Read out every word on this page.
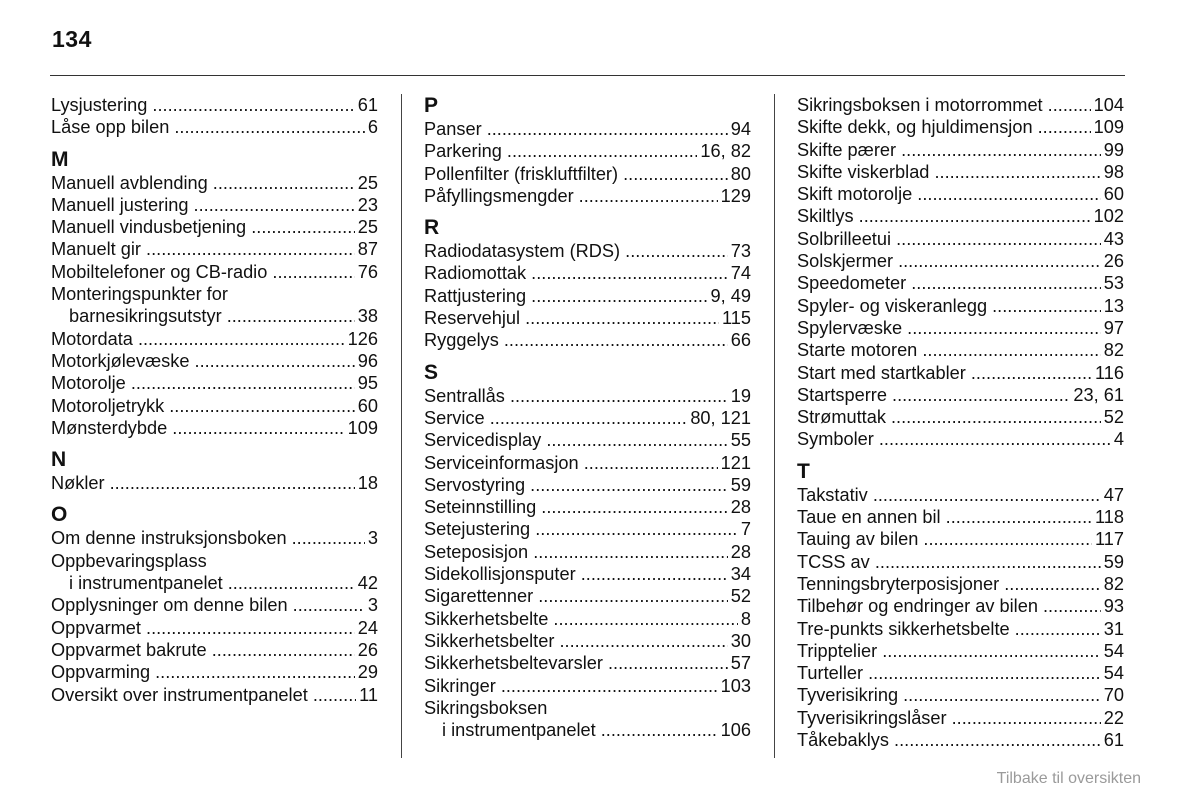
134
Lysjustering .....	61
Låse opp bilen .....	6
M
Manuell avblending .....	25
Manuell justering .....	23
Manuell vindusbetjening .....	25
Manuelt gir .....	87
Mobiltelefoner og CB-radio .....	76
Monteringspunkter for
barnesikringsutstyr .....	38
Motordata .....	126
Motorkjølevæske .....	96
Motorolje .....	95
Motoroljetrykk .....	60
Mønsterdybde .....	109
N
Nøkler .....	18
O
Om denne instruksjonsboken .....	3
Oppbevaringsplass
i instrumentpanelet .....	42
Opplysninger om denne bilen .....	3
Oppvarmet .....	24
Oppvarmet bakrute .....	26
Oppvarming .....	29
Oversikt over instrumentpanelet .....	11
P
Panser .....	94
Parkering .....	16, 82
Pollenfilter (friskluftfilter) .....	80
Påfyllingsmengder .....	129
R
Radiodatasystem (RDS) .....	73
Radiomottak .....	74
Rattjustering .....	9, 49
Reservehjul .....	115
Ryggelys .....	66
S
Sentrallås .....	19
Service .....	80, 121
Servicedisplay .....	55
Serviceinformasjon .....	121
Servostyring .....	59
Seteinnstilling .....	28
Setejustering .....	7
Seteposisjon .....	28
Sidekollisjonsputer .....	34
Sigarettenner .....	52
Sikkerhetsbelte .....	8
Sikkerhetsbelter .....	30
Sikkerhetsbeltevarsler .....	57
Sikringer .....	103
Sikringsboksen
i instrumentpanelet .....	106
Sikringsboksen i motorrommet .....	104
Skifte dekk, og hjuldimensjon .....	109
Skifte pærer .....	99
Skifte viskerblad .....	98
Skift motorolje .....	60
Skiltlys .....	102
Solbrilleetui .....	43
Solskjermer .....	26
Speedometer .....	53
Spyler- og viskeranlegg .....	13
Spylervæske .....	97
Starte motoren .....	82
Start med startkabler .....	116
Startsperre .....	23, 61
Strømuttak .....	52
Symboler .....	4
T
Takstativ .....	47
Taue en annen bil .....	118
Tauing av bilen .....	117
TCSS av .....	59
Tenningsbryterposisjoner .....	82
Tilbehør og endringer av bilen .....	93
Tre-punkts sikkerhetsbelte .....	31
Tripptelier .....	54
Turteller .....	54
Tyverisikring .....	70
Tyverisikringslåser .....	22
Tåkebaklys .....	61
Tilbake til oversikten
